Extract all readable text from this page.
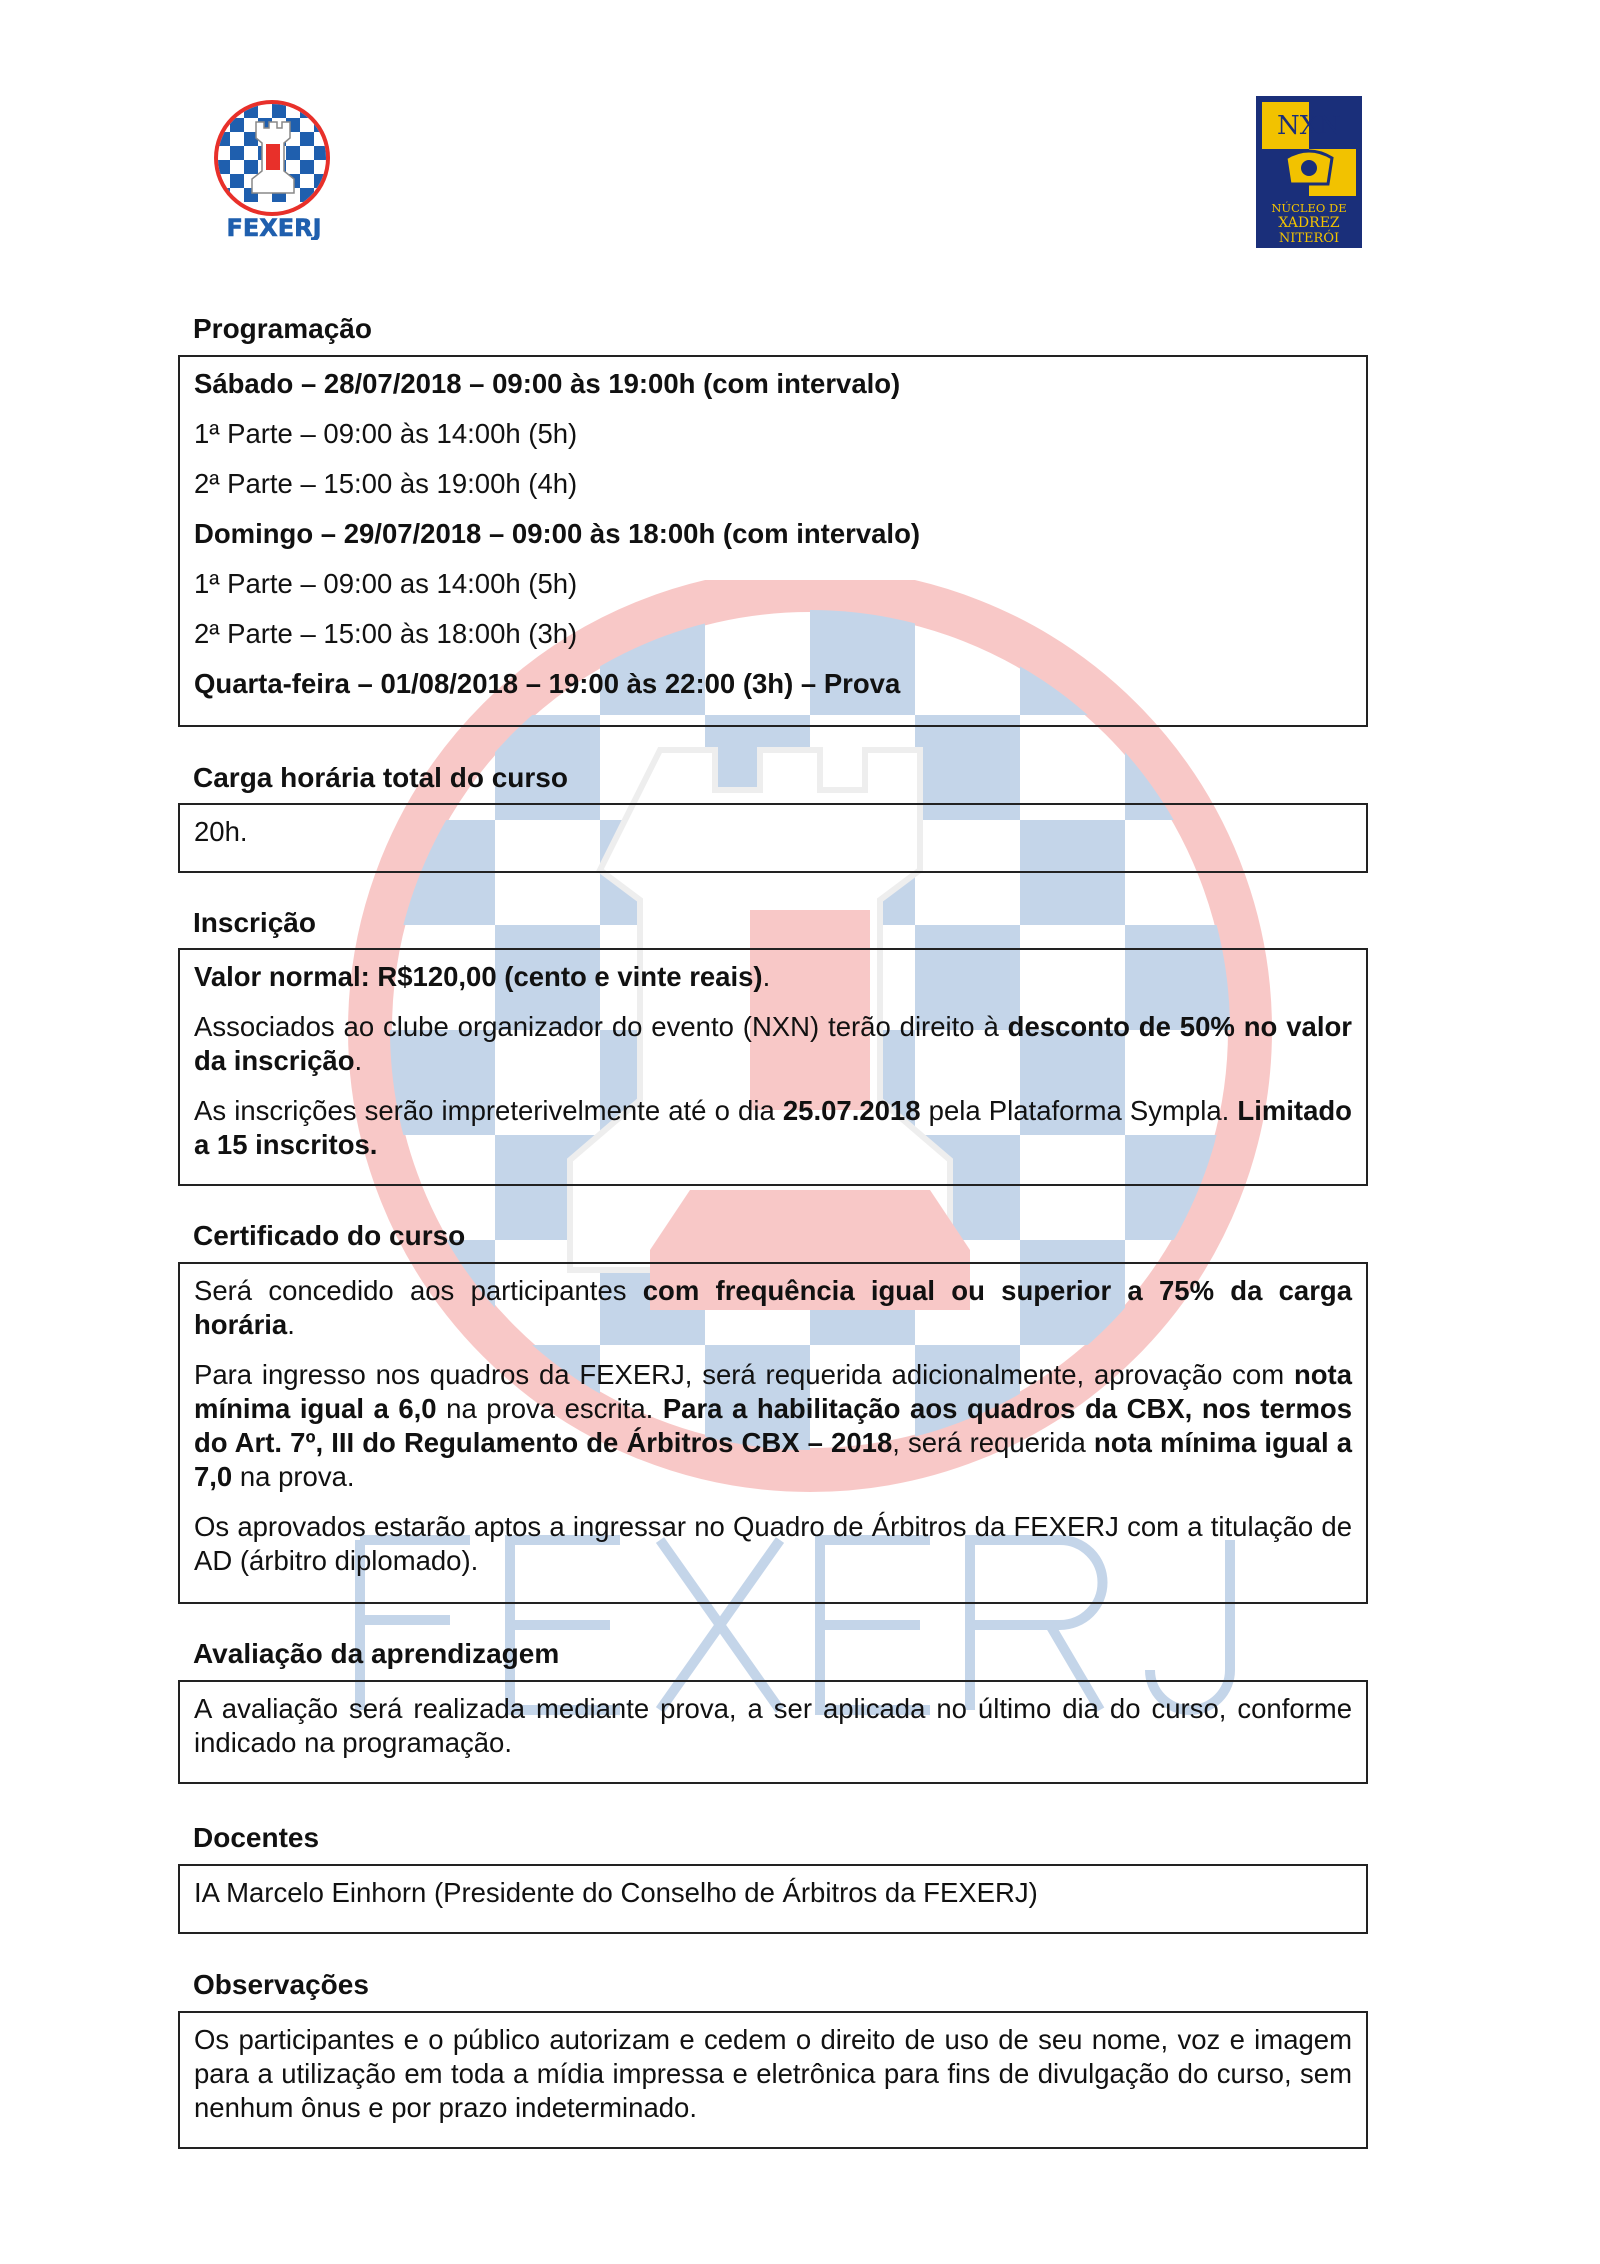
FEXERJ
NXN
NÚCLEO DE
XADREZ
NITERÓI
Programação
Sábado – 28/07/2018 – 09:00 às 19:00h (com intervalo)
1ª Parte – 09:00 às 14:00h (5h)
2ª Parte – 15:00 às 19:00h (4h)
Domingo – 29/07/2018 – 09:00 às 18:00h (com intervalo)
1ª Parte – 09:00 as 14:00h (5h)
2ª Parte – 15:00 às 18:00h (3h)
Quarta-feira – 01/08/2018 – 19:00 às 22:00 (3h) – Prova
Carga horária total do curso
20h.
Inscrição
Valor normal: R$120,00 (cento e vinte reais).
Associados ao clube organizador do evento (NXN) terão direito à desconto de 50% no valor da inscrição.
As inscrições serão impreterivelmente até o dia 25.07.2018 pela Plataforma Sympla. Limitado a 15 inscritos.
Certificado do curso
Será concedido aos participantes com frequência igual ou superior a 75% da carga horária.
Para ingresso nos quadros da FEXERJ, será requerida adicionalmente, aprovação com nota mínima igual a 6,0 na prova escrita. Para a habilitação aos quadros da CBX, nos termos do Art. 7º, III do Regulamento de Árbitros CBX – 2018, será requerida nota mínima igual a 7,0 na prova.
Os aprovados estarão aptos a ingressar no Quadro de Árbitros da FEXERJ com a titulação de AD (árbitro diplomado).
Avaliação da aprendizagem
A avaliação será realizada mediante prova, a ser aplicada no último dia do curso, conforme indicado na programação.
Docentes
IA Marcelo Einhorn (Presidente do Conselho de Árbitros da FEXERJ)
Observações
Os participantes e o público autorizam e cedem o direito de uso de seu nome, voz e imagem para a utilização em toda a mídia impressa e eletrônica para fins de divulgação do curso, sem nenhum ônus e por prazo indeterminado.
